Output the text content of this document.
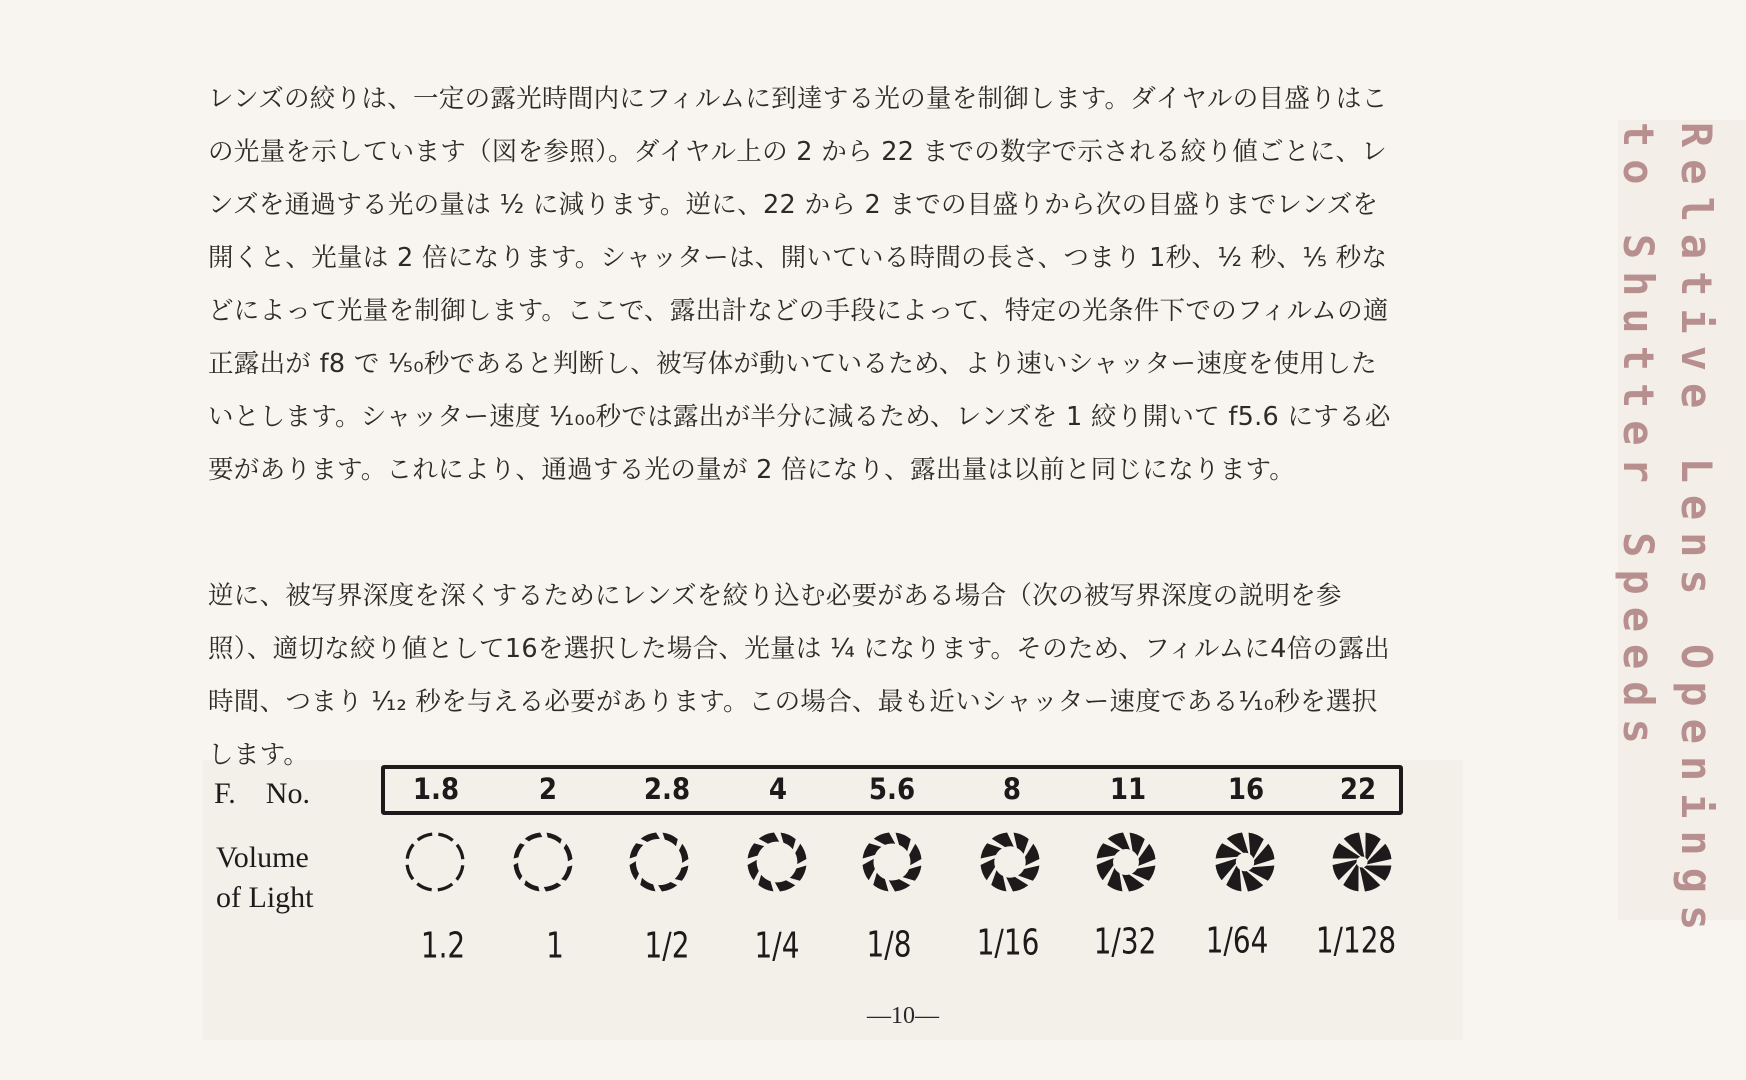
レンズの絞りは、一定の露光時間内にフィルムに到達する光の量を制御します。ダイヤルの目盛りはこの光量を示しています（図を参照）。ダイヤル上の 2 から 22 までの数字で示される絞り値ごとに、レンズを通過する光の量は ½ に減ります。逆に、22 から 2 までの目盛りから次の目盛りまでレンズを開くと、光量は 2 倍になります。シャッターは、開いている時間の長さ、つまり 1秒、½ 秒、⅕ 秒などによって光量を制御します。ここで、露出計などの手段によって、特定の光条件下でのフィルムの適正露出が f8 で ⅟₅₀秒であると判断し、被写体が動いているため、より速いシャッター速度を使用したいとします。シャッター速度 ⅟₁₀₀秒では露出が半分に減るため、レンズを 1 絞り開いて f5.6 にする必要があります。これにより、通過する光の量が 2 倍になり、露出量は以前と同じになります。

逆に、被写界深度を深くするためにレンズを絞り込む必要がある場合（次の被写界深度の説明を参照）、適切な絞り値として16を選択した場合、光量は ¼ になります。そのため、フィルムに4倍の露出時間、つまり ⅟₁₂ 秒を与える必要があります。この場合、最も近いシャッター速度である⅟₁₀秒を選択します。

F.　No.
Volume
of Light
1.8	2	2.8	4	5.6	8	11	16	22
1.2	1	1/2 1/4 1/8 1/16 1/32 1/64 1/128
—10—
Relative Lens Openings
to Shutter Speeds
